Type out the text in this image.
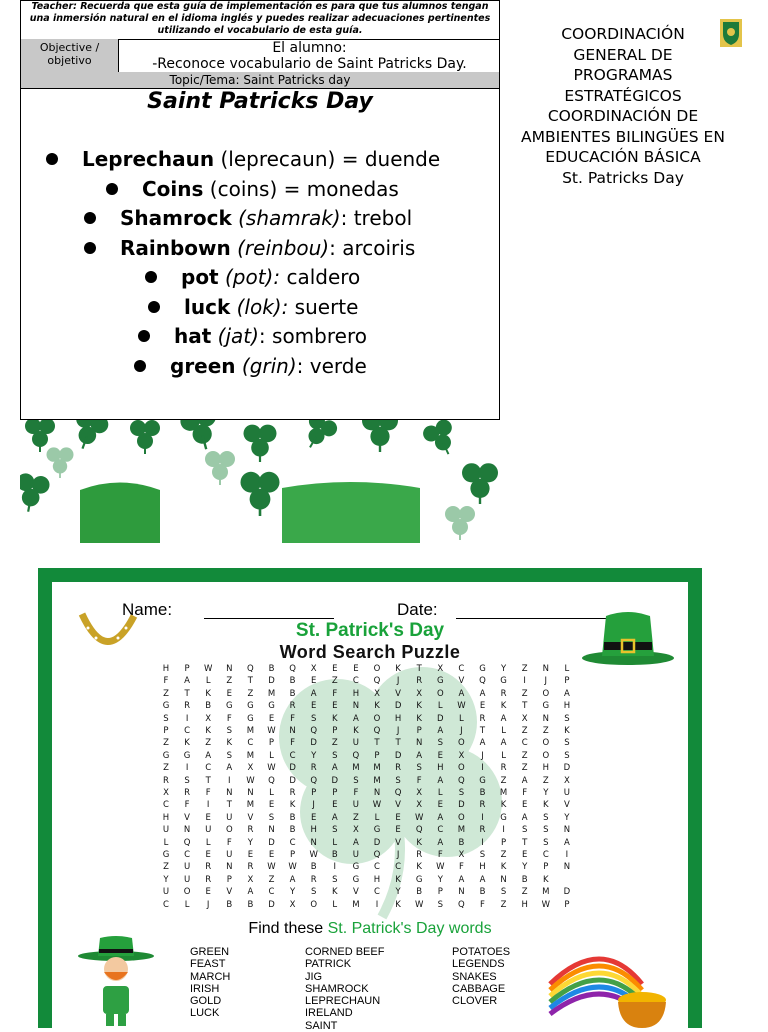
Teacher: Recuerda que esta guía de implementación es para que tus alumnos tengan una inmersión natural en el idioma inglés y puedes realizar adecuaciones pertinentes utilizando el vocabulario de esta guía.
Objective / objetivo
El alumno:
-Reconoce vocabulario de Saint Patricks Day.
Topic/Tema: Saint Patricks day
Saint Patricks Day
Leprechaun (leprecaun) = duende
Coins (coins) = monedas
Shamrock (shamrak): trebol
Rainbown (reinbou): arcoiris
pot (pot): caldero
luck (lok): suerte
hat (jat): sombrero
green (grin): verde
COORDINACIÓN
GENERAL DE
PROGRAMAS
ESTRATÉGICOS
COORDINACIÓN DE
AMBIENTES BILINGÜES EN
EDUCACIÓN BÁSICA
St. Patricks Day
Name:	Date:
St. Patrick's Day
Word Search Puzzle
H	P	W	N	Q	B	Q	X	E	E	O	K	T	X	C	G	Y	Z	N	L
F	A	L	Z	T	D	B	E	Z	C	Q	J	R	G	V	Q	G	I	J	P
Z	T	K	E	Z	M	B	A	F	H	X	V	X	O	A	A	R	Z	O	A
G	R	B	G	G	G	R	E	E	N	K	D	K	L	W	E	K	T	G	H
S	I	X	F	G	E	F	S	K	A	O	H	K	D	L	R	A	X	N	S
P	C	K	S	M	W	N	Q	P	K	Q	J	P	A	J	T	L	Z	Z	K
Z	K	Z	K	C	P	F	D	Z	U	T	T	N	S	O	A	A	C	O	S
G	G	A	S	M	L	C	Y	S	Q	P	D	A	E	X	J	L	Z	O	S
Z	I	C	A	X	W	D	R	A	M	M	R	S	H	O	I	R	Z	H	D
R	S	T	I	W	Q	D	Q	D	S	M	S	F	A	Q	G	Z	A	Z	X
X	R	F	N	N	L	R	P	P	F	N	Q	X	L	S	B	M	F	Y	U
C	F	I	T	M	E	K	J	E	U	W	V	X	E	D	R	K	E	K	V
H	V	E	U	V	S	B	E	A	Z	L	E	W	A	O	I	G	A	S	Y
U	N	U	O	R	N	B	H	S	X	G	E	Q	C	M	R	I	S	S	N
L	Q	L	F	Y	D	C	N	L	A	D	V	K	A	B	I	P	T	S	A
G	C	E	U	E	E	P	W	B	U	Q	J	R	F	X	S	Z	E	C	I
Z	U	R	N	R	W	W	B	I	G	C	C	K	W	F	H	K	Y	P	N
Y	U	R	P	X	Z	A	R	S	G	H	K	G	Y	A	A	N	B	K
U	O	E	V	A	C	Y	S	K	V	C	Y	B	P	N	B	S	Z	M	D
C	L	J	B	B	D	X	O	L	M	I	K	W	S	Q	F	Z	H	W	P
Find these St. Patrick's Day words
GREEN
FEAST
MARCH
IRISH
GOLD
LUCK
CORNED BEEF
PATRICK
JIG
SHAMROCK
LEPRECHAUN
IRELAND
SAINT
POTATOES
LEGENDS
SNAKES
CABBAGE
CLOVER
